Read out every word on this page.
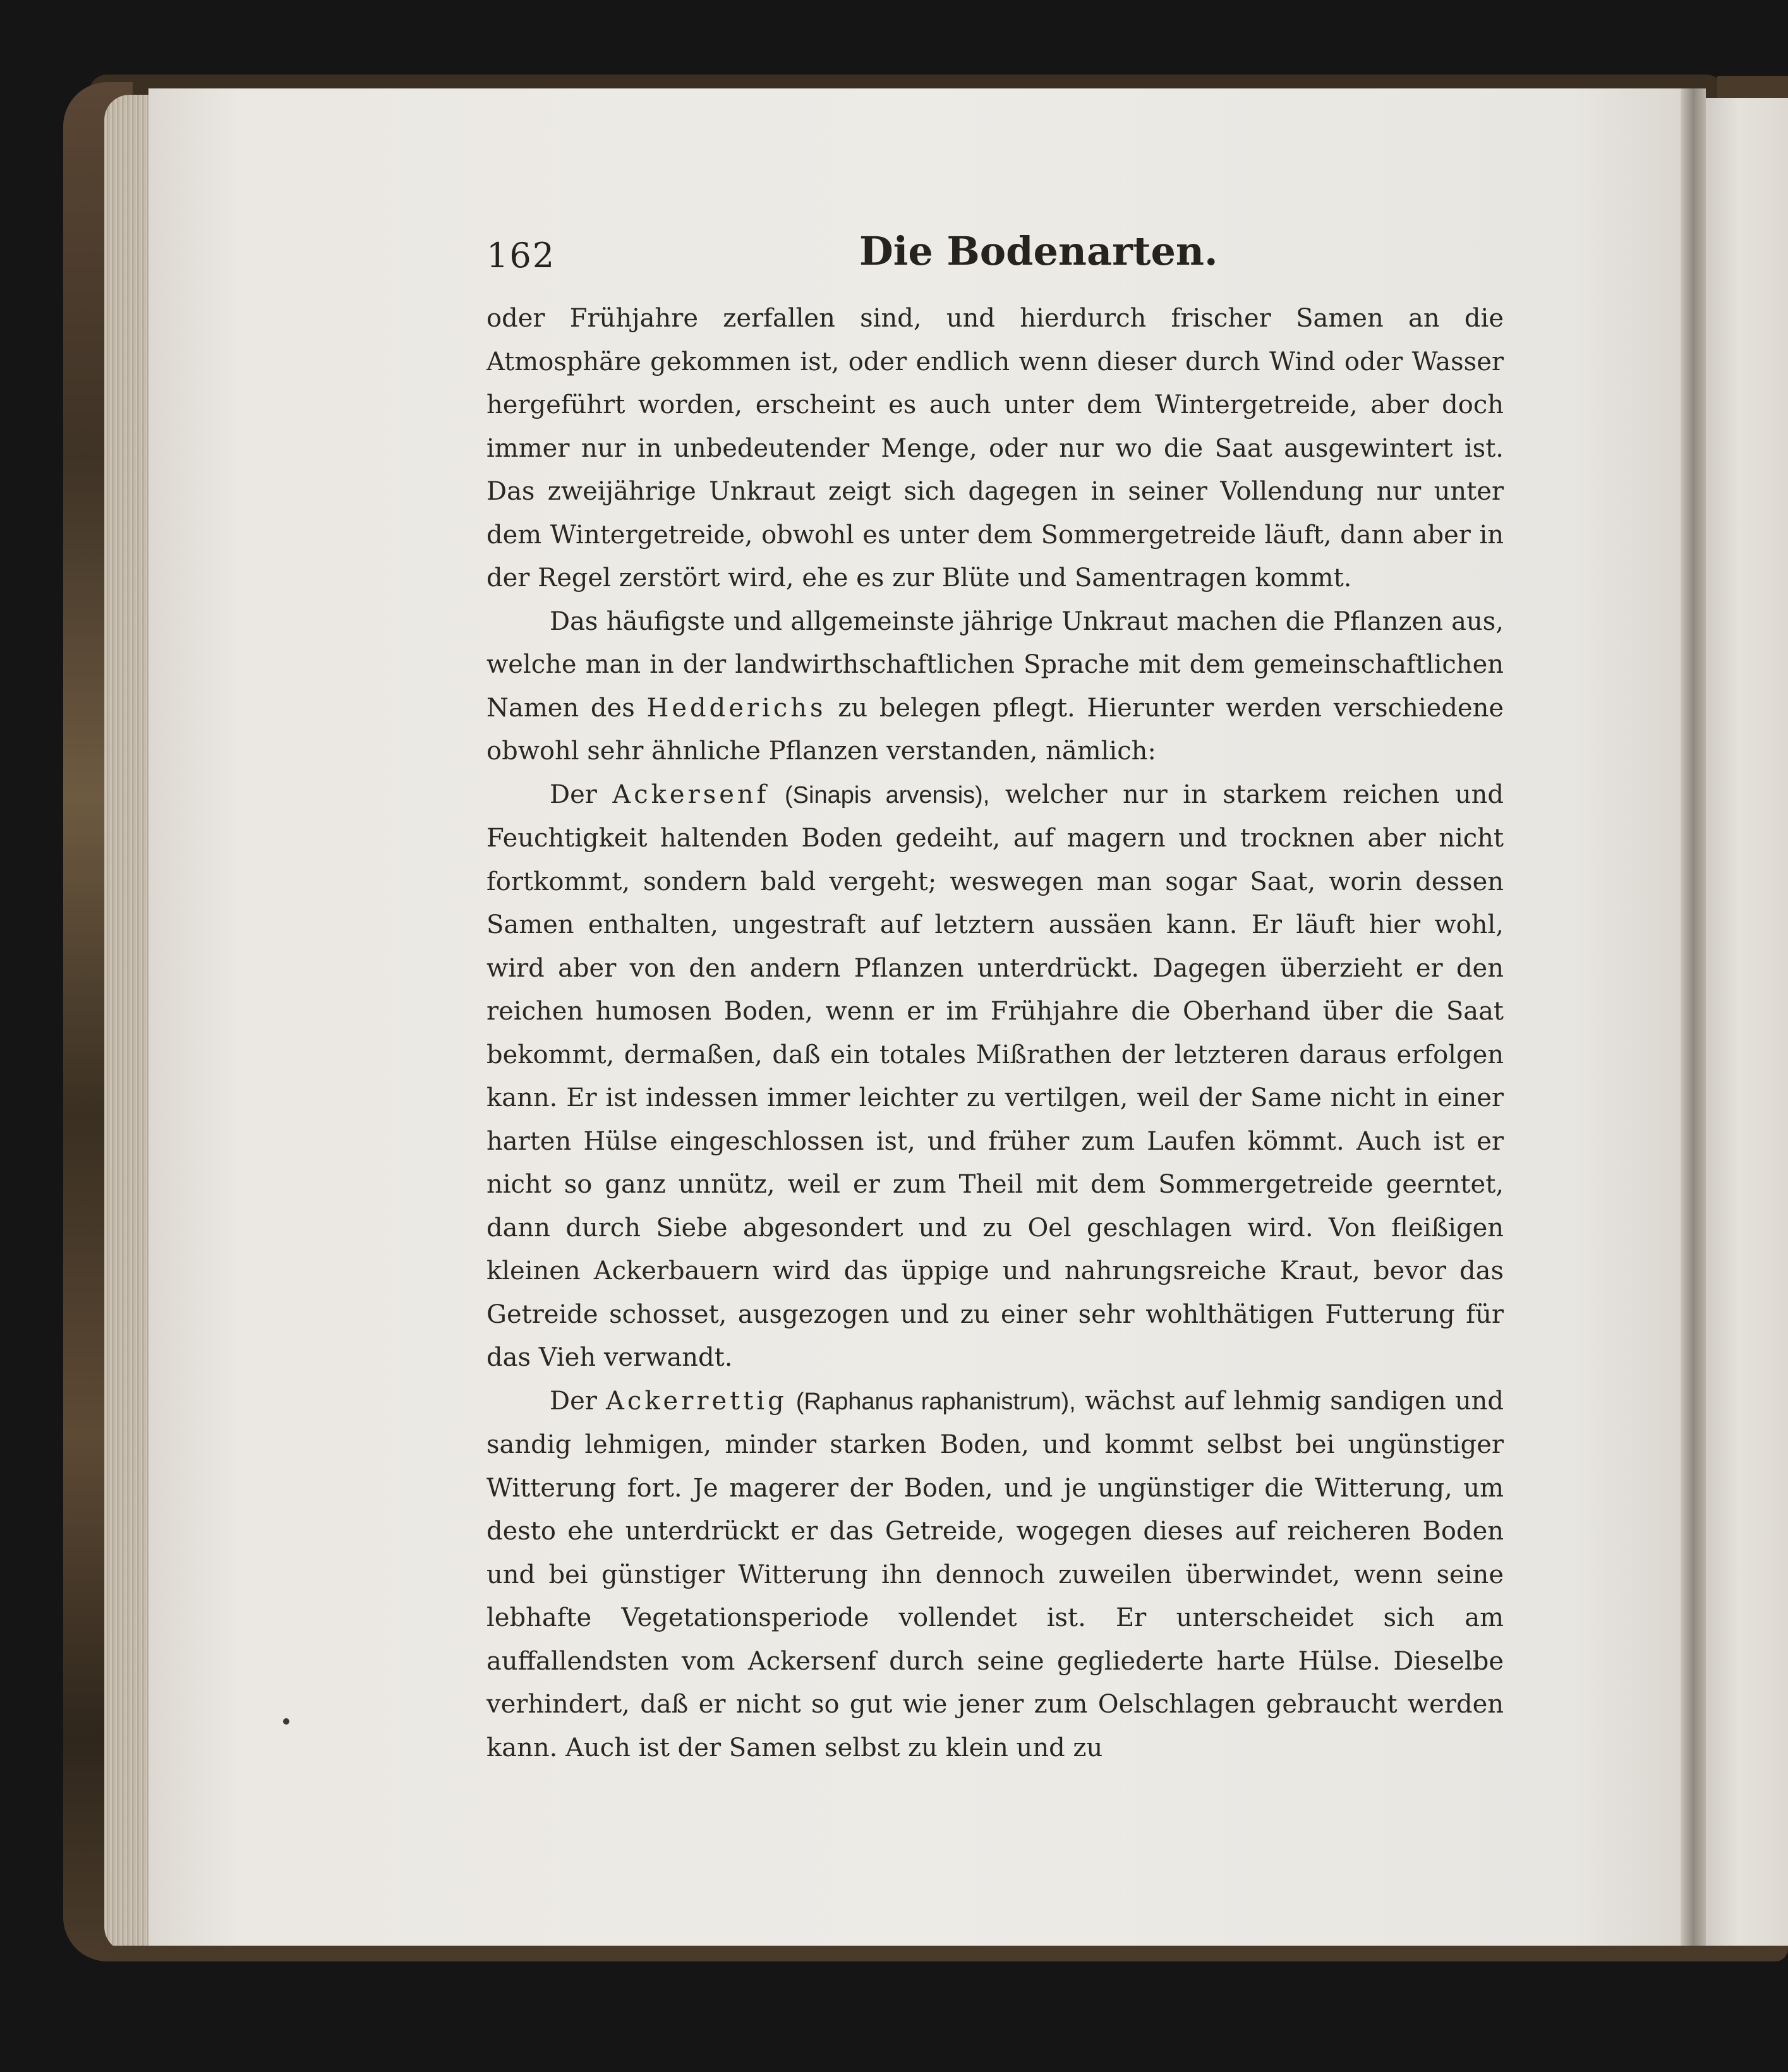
162	Die Bodenarten.

oder Frühjahre zerfallen sind, und hierdurch frischer Samen an die Atmosphäre gekommen ist, oder endlich wenn dieser durch Wind oder Wasser hergeführt worden, erscheint es auch unter dem Wintergetreide, aber doch immer nur in unbedeutender Menge, oder nur wo die Saat ausgewintert ist. Das zweijährige Unkraut zeigt sich dagegen in seiner Vollendung nur unter dem Wintergetreide, obwohl es unter dem Sommergetreide läuft, dann aber in der Regel zerstört wird, ehe es zur Blüte und Samentragen kommt.

Das häufigste und allgemeinste jährige Unkraut machen die Pflanzen aus, welche man in der landwirthschaftlichen Sprache mit dem gemeinschaftlichen Namen des Hedderichs zu belegen pflegt. Hierunter werden verschiedene obwohl sehr ähnliche Pflanzen verstanden, nämlich:

Der Ackersenf (Sinapis arvensis), welcher nur in starkem reichen und Feuchtigkeit haltenden Boden gedeiht, auf magern und trocknen aber nicht fortkommt, sondern bald vergeht; weswegen man sogar Saat, worin dessen Samen enthalten, ungestraft auf letztern aussäen kann. Er läuft hier wohl, wird aber von den andern Pflanzen unterdrückt. Dagegen überzieht er den reichen humosen Boden, wenn er im Frühjahre die Oberhand über die Saat bekommt, dermaßen, daß ein totales Mißrathen der letzteren daraus erfolgen kann. Er ist indessen immer leichter zu vertilgen, weil der Same nicht in einer harten Hülse eingeschlossen ist, und früher zum Laufen kömmt. Auch ist er nicht so ganz unnütz, weil er zum Theil mit dem Sommergetreide geerntet, dann durch Siebe abgesondert und zu Oel geschlagen wird. Von fleißigen kleinen Ackerbauern wird das üppige und nahrungsreiche Kraut, bevor das Getreide schosset, ausgezogen und zu einer sehr wohlthätigen Futterung für das Vieh verwandt.

Der Ackerrettig (Raphanus raphanistrum), wächst auf lehmig sandigen und sandig lehmigen, minder starken Boden, und kommt selbst bei ungünstiger Witterung fort. Je magerer der Boden, und je ungünstiger die Witterung, um desto ehe unterdrückt er das Getreide, wogegen dieses auf reicheren Boden und bei günstiger Witterung ihn dennoch zuweilen überwindet, wenn seine lebhafte Vegetationsperiode vollendet ist. Er unterscheidet sich am auffallendsten vom Ackersenf durch seine gegliederte harte Hülse. Dieselbe verhindert, daß er nicht so gut wie jener zum Oelschlagen gebraucht werden kann. Auch ist der Samen selbst zu klein und zu
